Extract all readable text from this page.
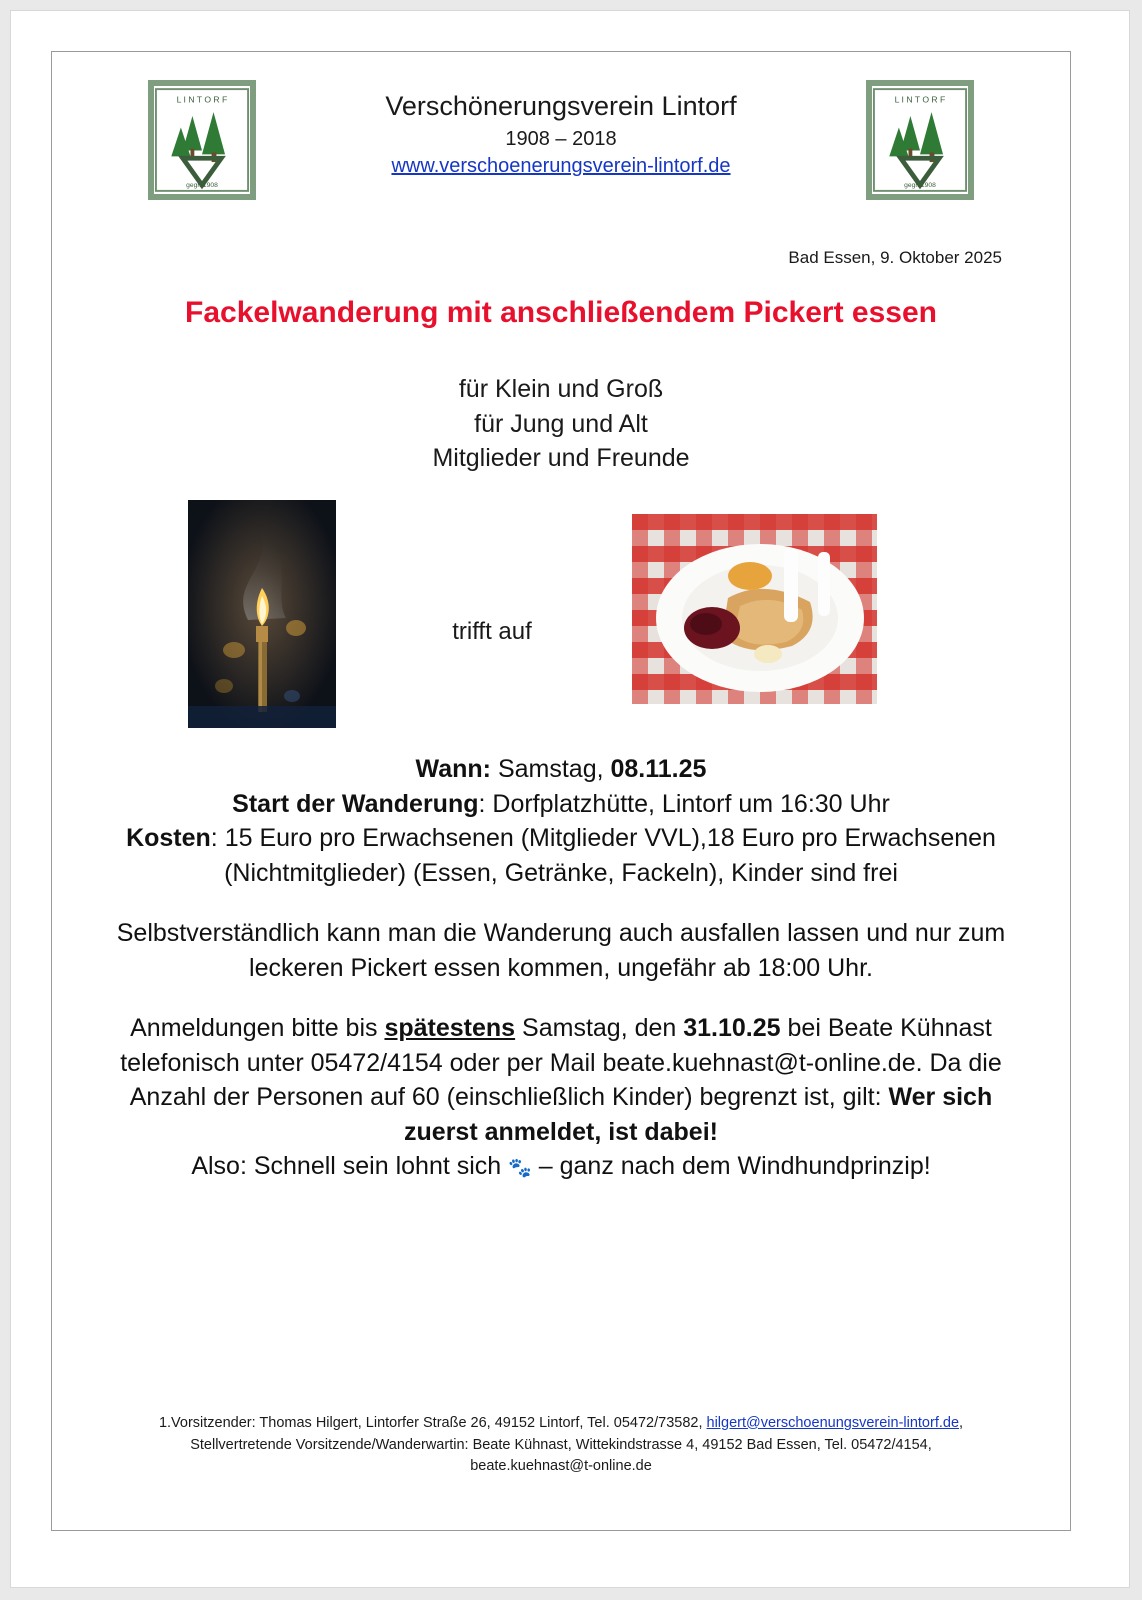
L I N T O R F
gegr. 1908
L I N T O R F
gegr. 1908
Verschönerungsverein Lintorf
1908 – 2018
www.verschoenerungsverein-lintorf.de
Bad Essen, 9. Oktober 2025
Fackelwanderung mit anschließendem Pickert essen
für Klein und Groß
für Jung und Alt
Mitglieder und Freunde
trifft auf

Wann: Samstag, 08.11.25

Start der Wanderung: Dorfplatzhütte, Lintorf um 16:30 Uhr

Kosten: 15 Euro pro Erwachsenen (Mitglieder VVL),18 Euro pro Erwachsenen (Nichtmitglieder) (Essen, Getränke, Fackeln), Kinder sind frei

Selbstverständlich kann man die Wanderung auch ausfallen lassen und nur zum leckeren Pickert essen kommen, ungefähr ab 18:00 Uhr.

Anmeldungen bitte bis spätestens Samstag, den 31.10.25 bei Beate Kühnast telefonisch unter 05472/4154 oder per Mail beate.kuehnast@t-online.de. Da die Anzahl der Personen auf 60 (einschließlich Kinder) begrenzt ist, gilt: Wer sich zuerst anmeldet, ist dabei!

Also: Schnell sein lohnt sich 🐾 – ganz nach dem Windhundprinzip!

1.Vorsitzender: Thomas Hilgert, Lintorfer Straße 26, 49152 Lintorf, Tel. 05472/73582, hilgert@verschoenungsverein-lintorf.de, Stellvertretende Vorsitzende/Wanderwartin: Beate Kühnast, Wittekindstrasse 4, 49152 Bad Essen, Tel. 05472/4154, beate.kuehnast@t-online.de
